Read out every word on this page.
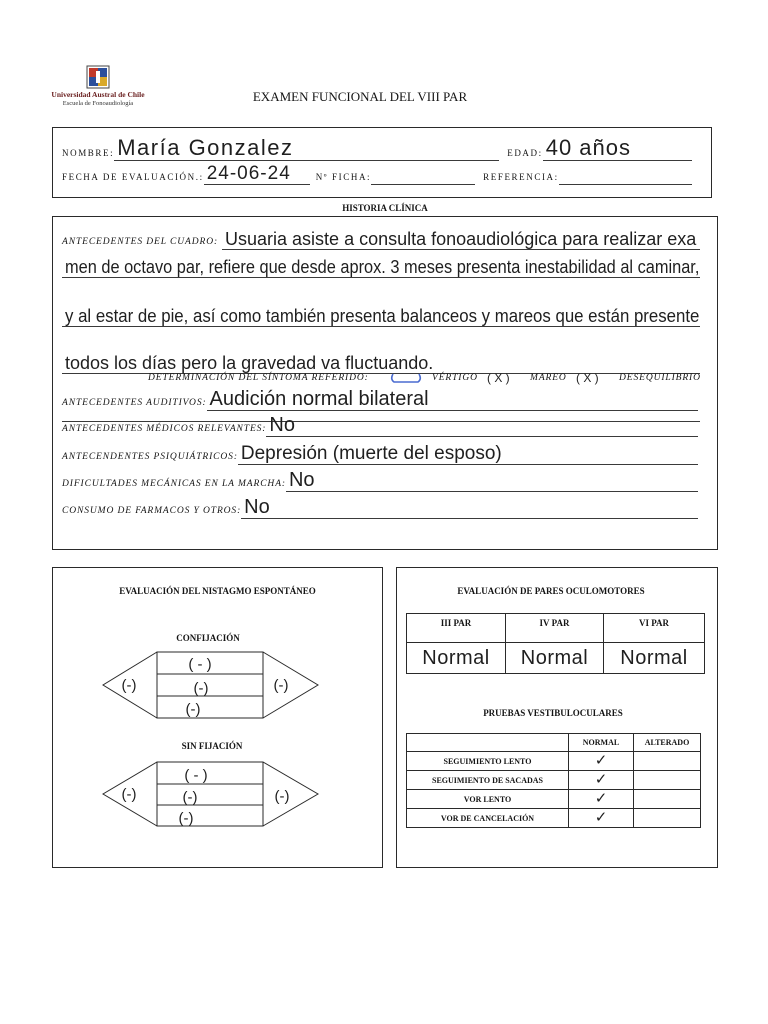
Universidad Austral de Chile
Escuela de Fonoaudiología	EXAMEN FUNCIONAL DEL VIII PAR
NOMBRE: María Gonzalez	EDAD: 40 años
FECHA DE EVALUACIÓN.: 24-06-24	Nº FICHA:	REFERENCIA:
HISTORIA CLÍNICA
ANTECEDENTES DEL CUADRO: Usuaria asiste a consulta fonoaudiológica para realizar exa
men de octavo par, refiere que desde aprox. 3 meses presenta inestabilidad al caminar,
y al estar de pie, así como también presenta balanceos y mareos que están presente
todos los días pero la gravedad va fluctuando.
DETERMINACIÓN DEL SÍNTOMA REFERIDO:	VÉRTIGO ( X ) MAREO ( X ) DESEQUILIBRIO
ANTECEDENTES AUDITIVOS: Audición normal bilateral
ANTECEDENTES MÉDICOS RELEVANTES: No
ANTECENDENTES PSIQUIÁTRICOS: Depresión (muerte del esposo)
DIFICULTADES MECÁNICAS EN LA MARCHA: No
CONSUMO DE FARMACOS Y OTROS: No
EVALUACIÓN DEL NISTAGMO ESPONTÁNEO
CONFIJACIÓN
(-)	(-)
( - )
(-)
(-)
SIN FIJACIÓN
(-)	(-)
( - )
(-)
(-)
EVALUACIÓN DE PARES OCULOMOTORES
III PAR	IV PAR	VI PAR
Normal	Normal	Normal
PRUEBAS VESTIBULOCULARES
	NORMAL	ALTERADO
SEGUIMIENTO LENTO	✓	
SEGUIMIENTO DE SACADAS	✓	
VOR LENTO	✓	
VOR DE CANCELACIÓN	✓	
